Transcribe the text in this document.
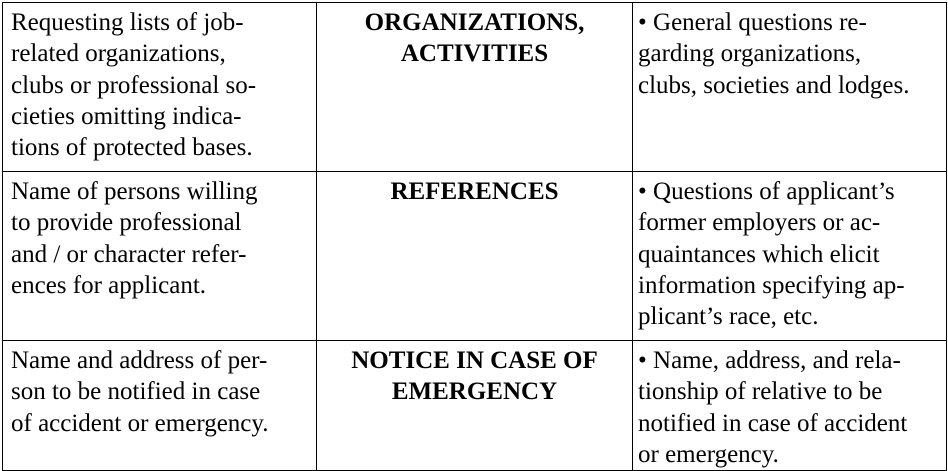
Requesting lists of job-
related organizations,
clubs or professional so-
cieties omitting indica-
tions of protected bases.	ORGANIZATIONS,
ACTIVITIES	• General questions re-
garding organizations,
clubs, societies and lodges.

Name of persons willing
to provide professional
and / or character refer-
ences for applicant.	REFERENCES	• Questions of applicant’s
former employers or ac-
quaintances which elicit
information specifying ap-
plicant’s race, etc.

Name and address of per-
son to be notified in case
of accident or emergency.	NOTICE IN CASE OF
EMERGENCY	• Name, address, and rela-
tionship of relative to be
notified in case of accident
or emergency.
